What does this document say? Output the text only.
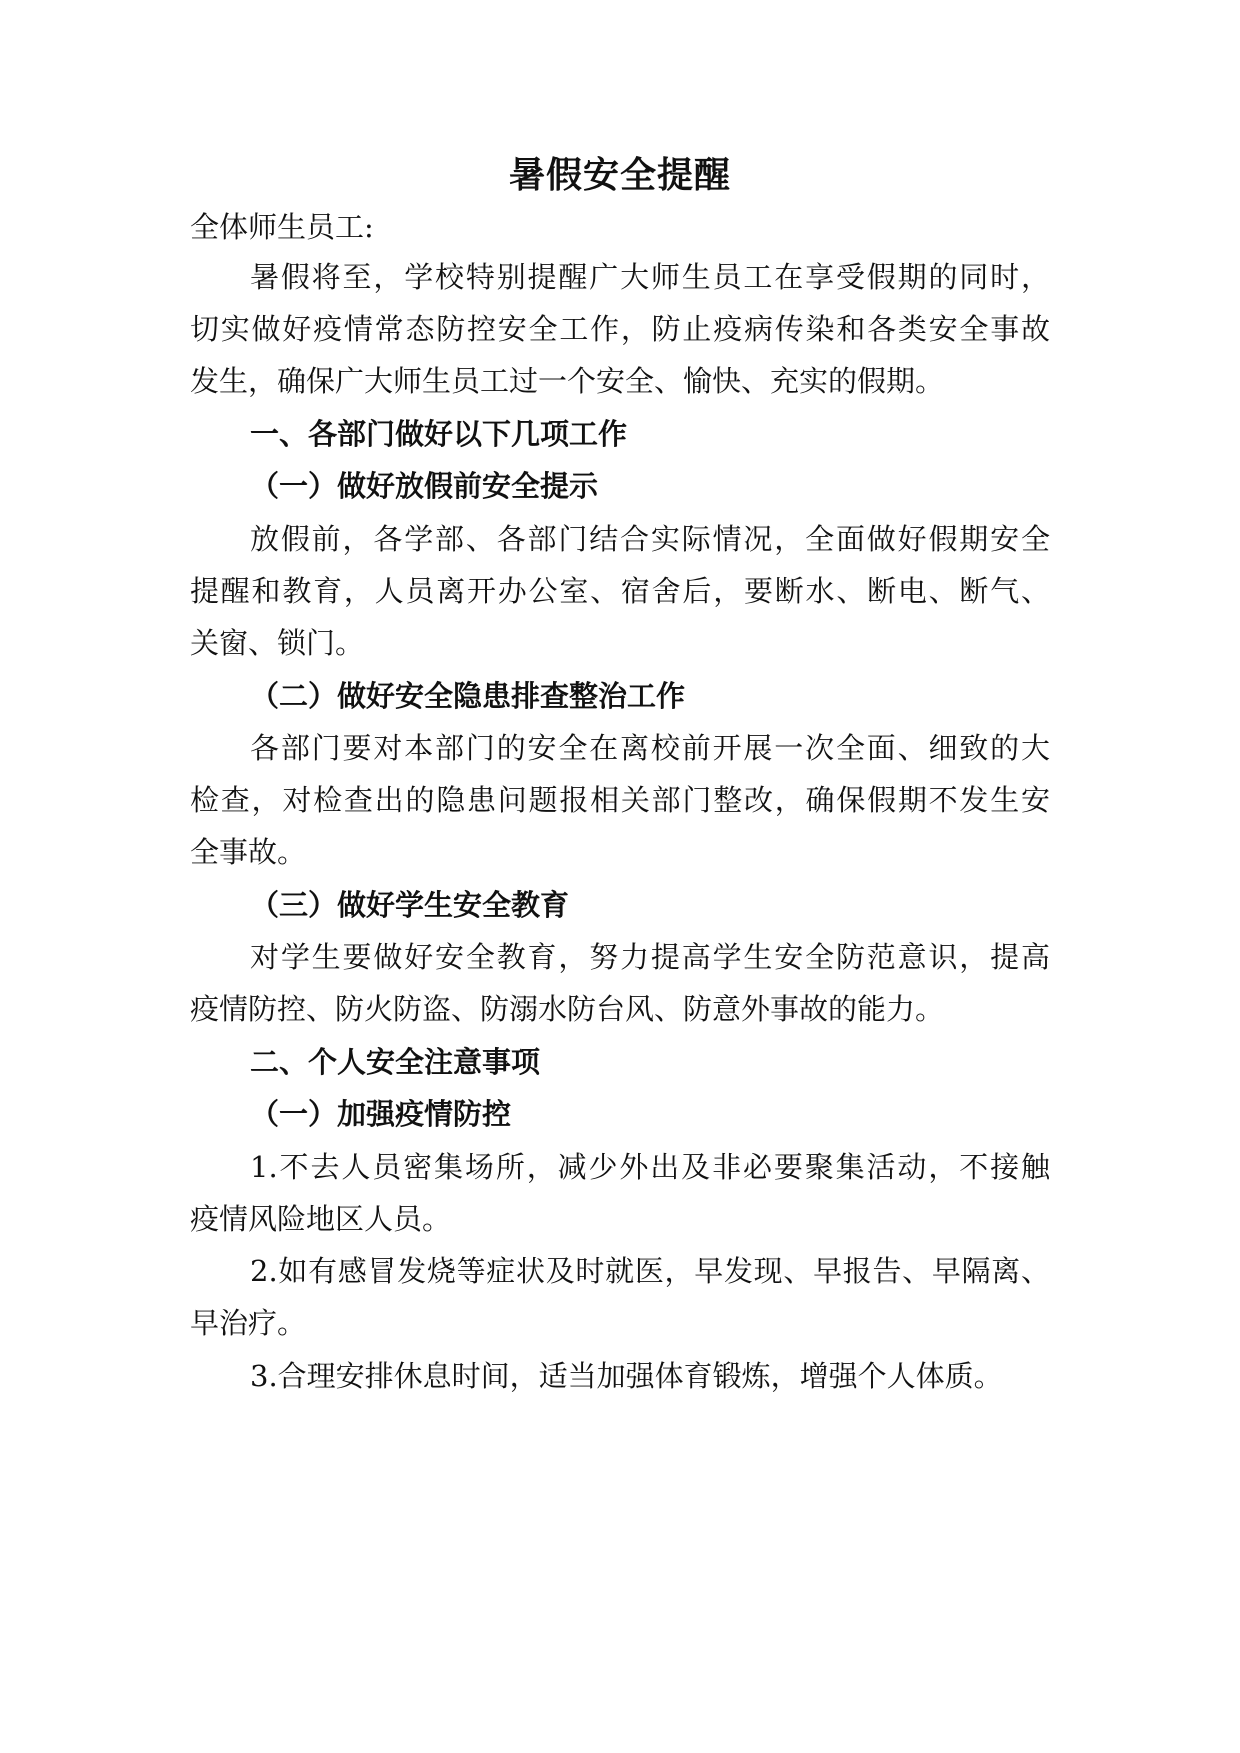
暑假安全提醒

全体师生员工:

暑假将至，学校特别提醒广大师生员工在享受假期的同时，

切实做好疫情常态防控安全工作，防止疫病传染和各类安全事故

发生，确保广大师生员工过一个安全、愉快、充实的假期。

一、各部门做好以下几项工作

（一）做好放假前安全提示

放假前，各学部、各部门结合实际情况，全面做好假期安全

提醒和教育，人员离开办公室、宿舍后，要断水、断电、断气、

关窗、锁门。

（二）做好安全隐患排查整治工作

各部门要对本部门的安全在离校前开展一次全面、细致的大

检查，对检查出的隐患问题报相关部门整改，确保假期不发生安

全事故。

（三）做好学生安全教育

对学生要做好安全教育，努力提高学生安全防范意识，提高

疫情防控、防火防盗、防溺水防台风、防意外事故的能力。

二、个人安全注意事项

（一）加强疫情防控

1.不去人员密集场所，减少外出及非必要聚集活动，不接触

疫情风险地区人员。

2.如有感冒发烧等症状及时就医，早发现、早报告、早隔离、

早治疗。

3.合理安排休息时间，适当加强体育锻炼，增强个人体质。
